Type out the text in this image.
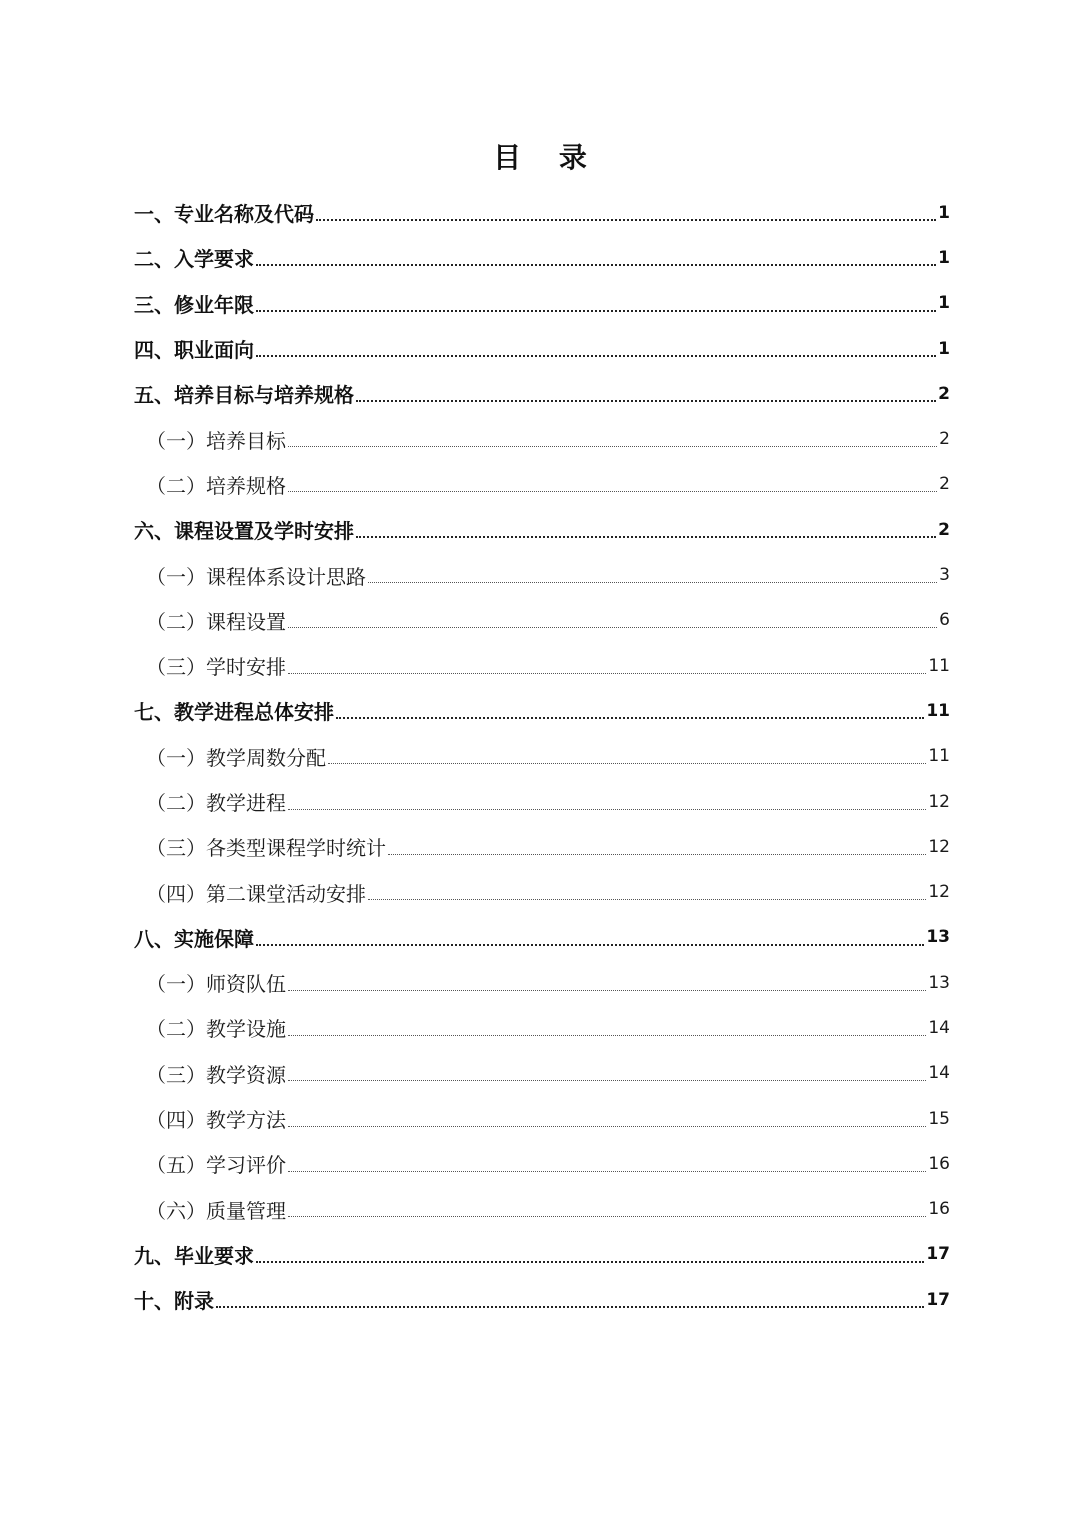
目 录
一、专业名称及代码	1
二、入学要求	1
三、修业年限	1
四、职业面向	1
五、培养目标与培养规格	2
（一）培养目标	2
（二）培养规格	2
六、课程设置及学时安排	2
（一）课程体系设计思路	3
（二）课程设置	6
（三）学时安排	11
七、教学进程总体安排	11
（一）教学周数分配	11
（二）教学进程	12
（三）各类型课程学时统计	12
（四）第二课堂活动安排	12
八、实施保障	13
（一）师资队伍	13
（二）教学设施	14
（三）教学资源	14
（四）教学方法	15
（五）学习评价	16
（六）质量管理	16
九、毕业要求	17
十、附录	17
